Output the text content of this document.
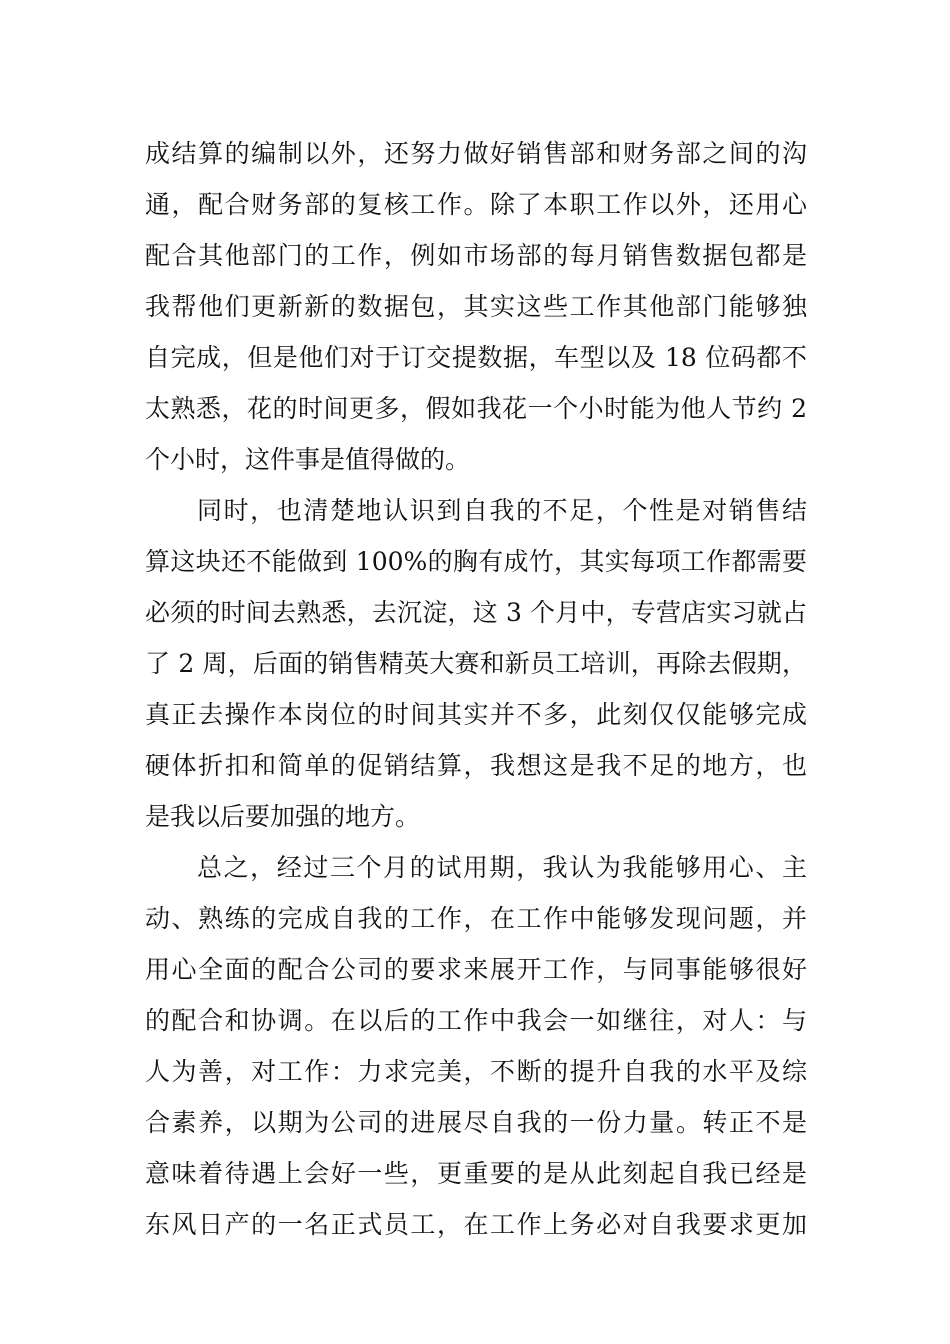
成结算的编制以外，还努力做好销售部和财务部之间的沟
通，配合财务部的复核工作。除了本职工作以外，还用心
配合其他部门的工作，例如市场部的每月销售数据包都是
我帮他们更新新的数据包，其实这些工作其他部门能够独
自完成，但是他们对于订交提数据，车型以及 18 位码都不
太熟悉，花的时间更多，假如我花一个小时能为他人节约 2
个小时，这件事是值得做的。
同时，也清楚地认识到自我的不足，个性是对销售结
算这块还不能做到 100%的胸有成竹，其实每项工作都需要
必须的时间去熟悉，去沉淀，这 3 个月中，专营店实习就占
了 2 周，后面的销售精英大赛和新员工培训，再除去假期，
真正去操作本岗位的时间其实并不多，此刻仅仅能够完成
硬体折扣和简单的促销结算，我想这是我不足的地方，也
是我以后要加强的地方。
总之，经过三个月的试用期，我认为我能够用心、主
动、熟练的完成自我的工作，在工作中能够发现问题，并
用心全面的配合公司的要求来展开工作，与同事能够很好
的配合和协调。在以后的工作中我会一如继往，对人：与
人为善，对工作：力求完美，不断的提升自我的水平及综
合素养，以期为公司的进展尽自我的一份力量。转正不是
意味着待遇上会好一些，更重要的是从此刻起自我已经是
东风日产的一名正式员工，在工作上务必对自我要求更加
